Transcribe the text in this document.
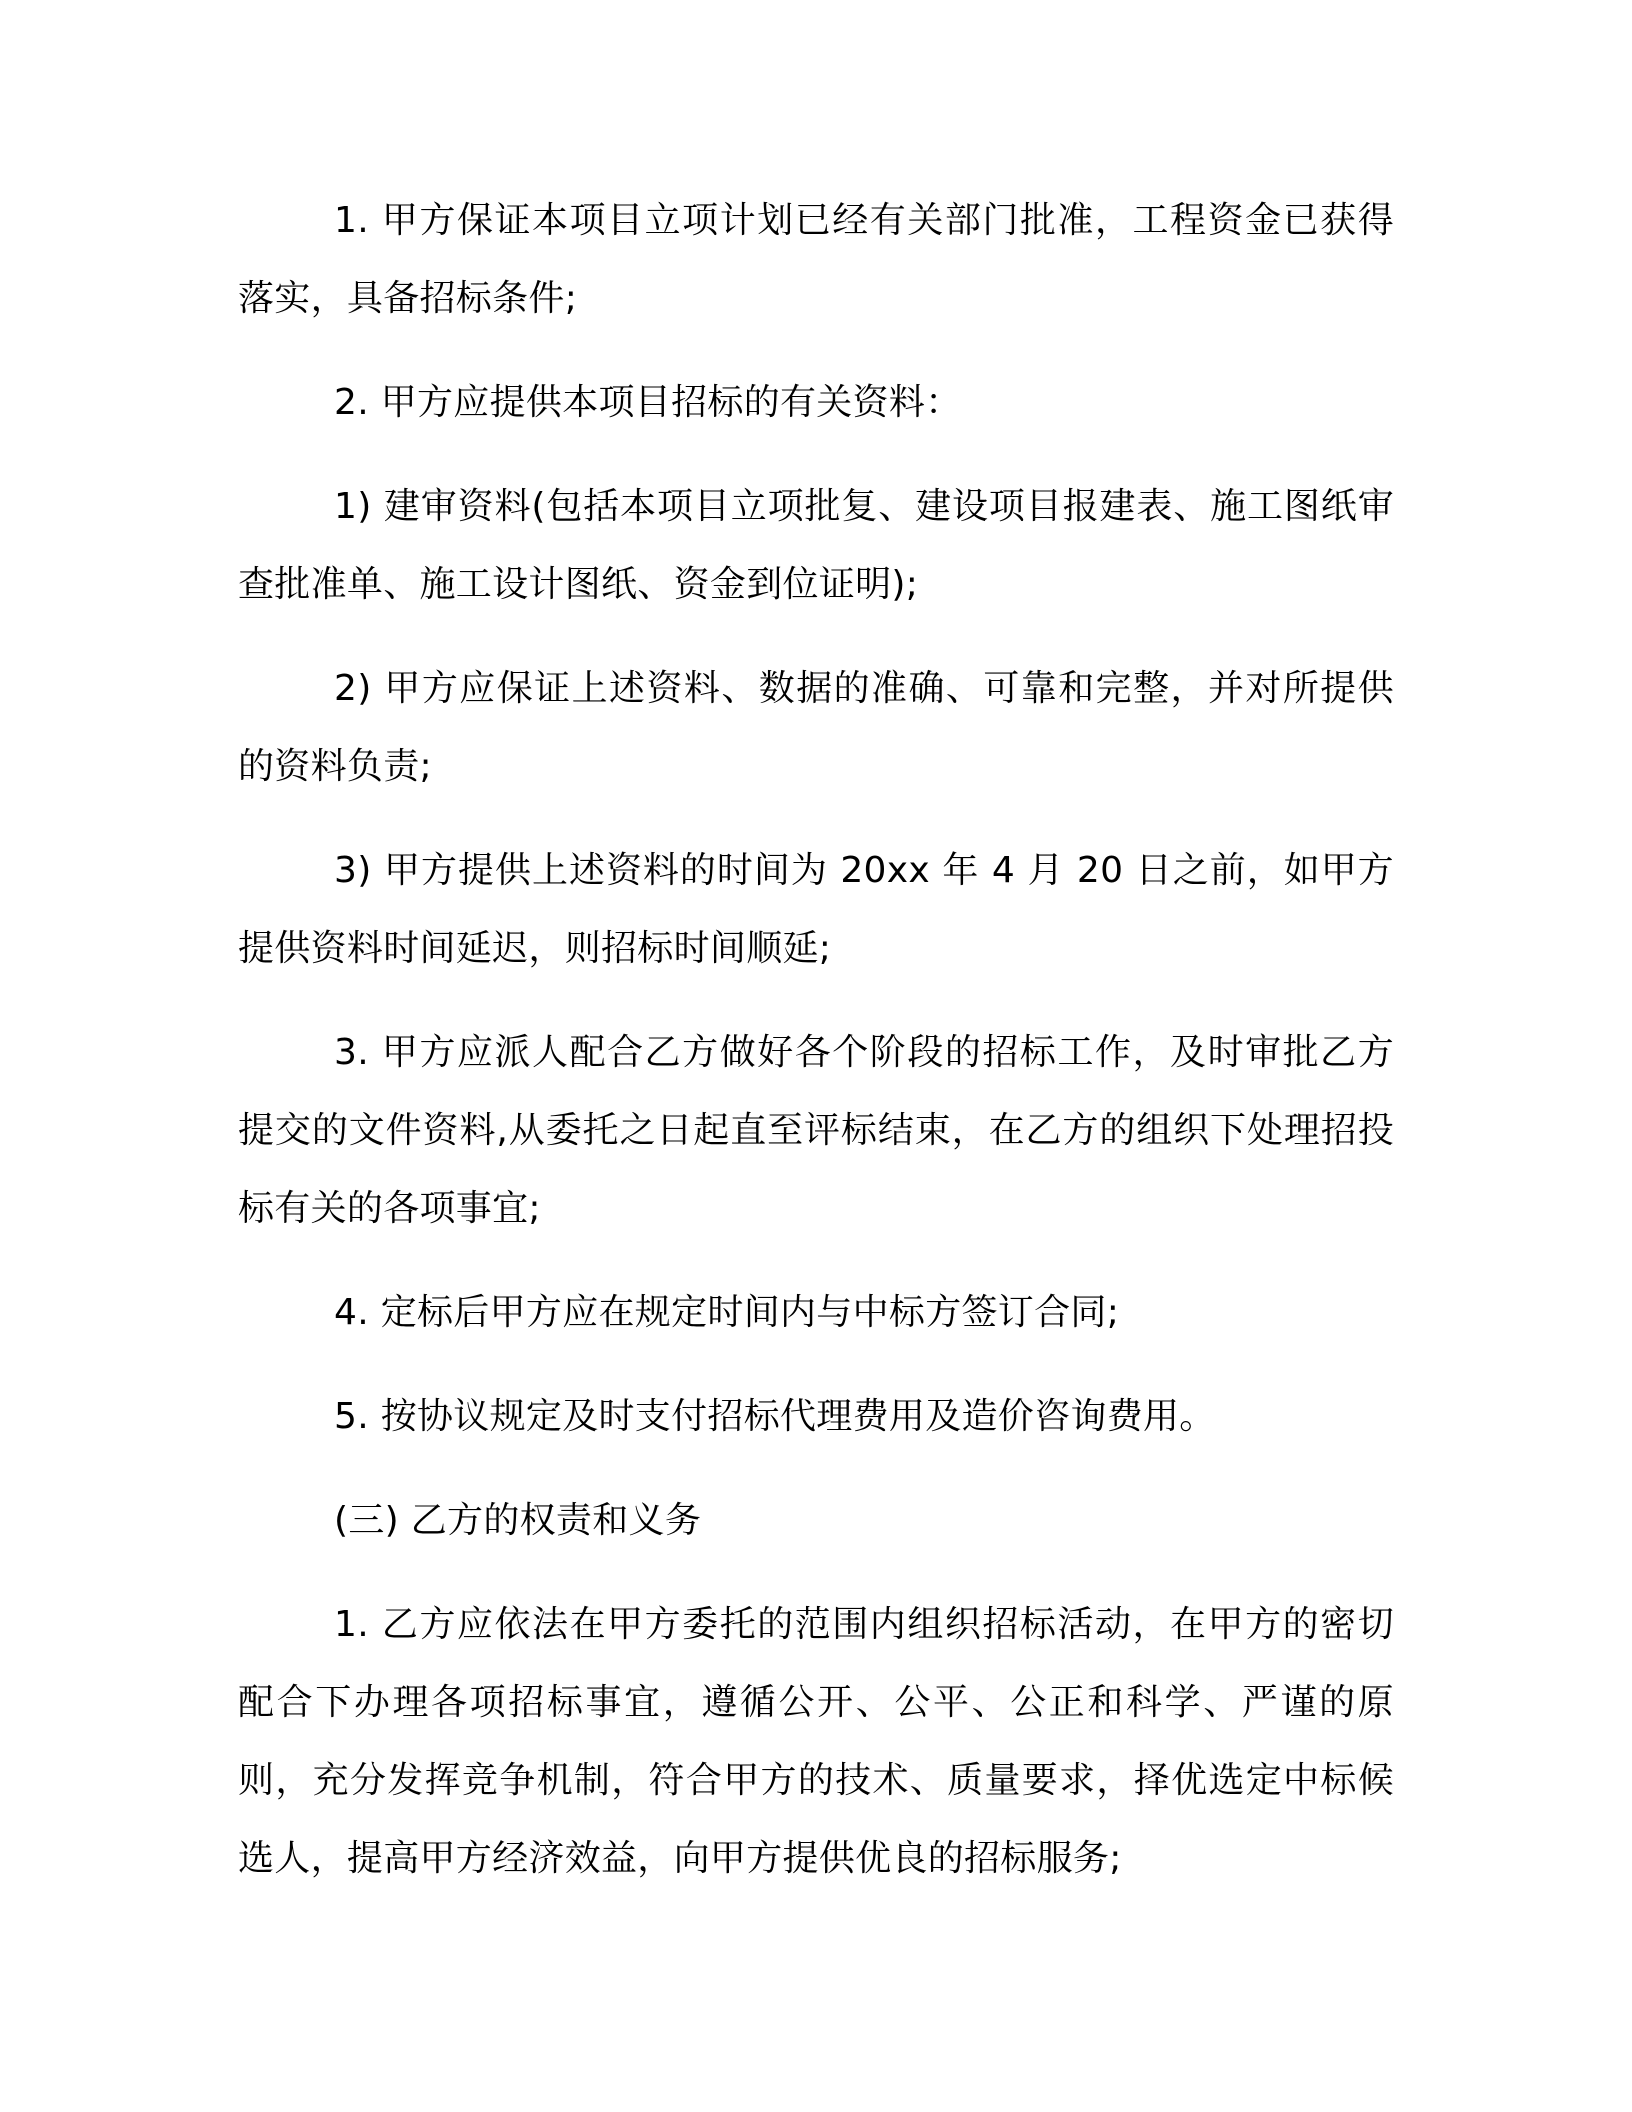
1. 甲方保证本项目立项计划已经有关部门批准，工程资金已获得落实，具备招标条件;

2. 甲方应提供本项目招标的有关资料：

1) 建审资料(包括本项目立项批复、建设项目报建表、施工图纸审查批准单、施工设计图纸、资金到位证明);

2) 甲方应保证上述资料、数据的准确、可靠和完整，并对所提供的资料负责;

3) 甲方提供上述资料的时间为 20xx 年 4 月 20 日之前，如甲方提供资料时间延迟，则招标时间顺延;

3. 甲方应派人配合乙方做好各个阶段的招标工作，及时审批乙方提交的文件资料,从委托之日起直至评标结束，在乙方的组织下处理招投标有关的各项事宜;

4. 定标后甲方应在规定时间内与中标方签订合同;

5. 按协议规定及时支付招标代理费用及造价咨询费用。

(三) 乙方的权责和义务

1. 乙方应依法在甲方委托的范围内组织招标活动，在甲方的密切配合下办理各项招标事宜，遵循公开、公平、公正和科学、严谨的原则，充分发挥竞争机制，符合甲方的技术、质量要求，择优选定中标候选人，提高甲方经济效益，向甲方提供优良的招标服务;
